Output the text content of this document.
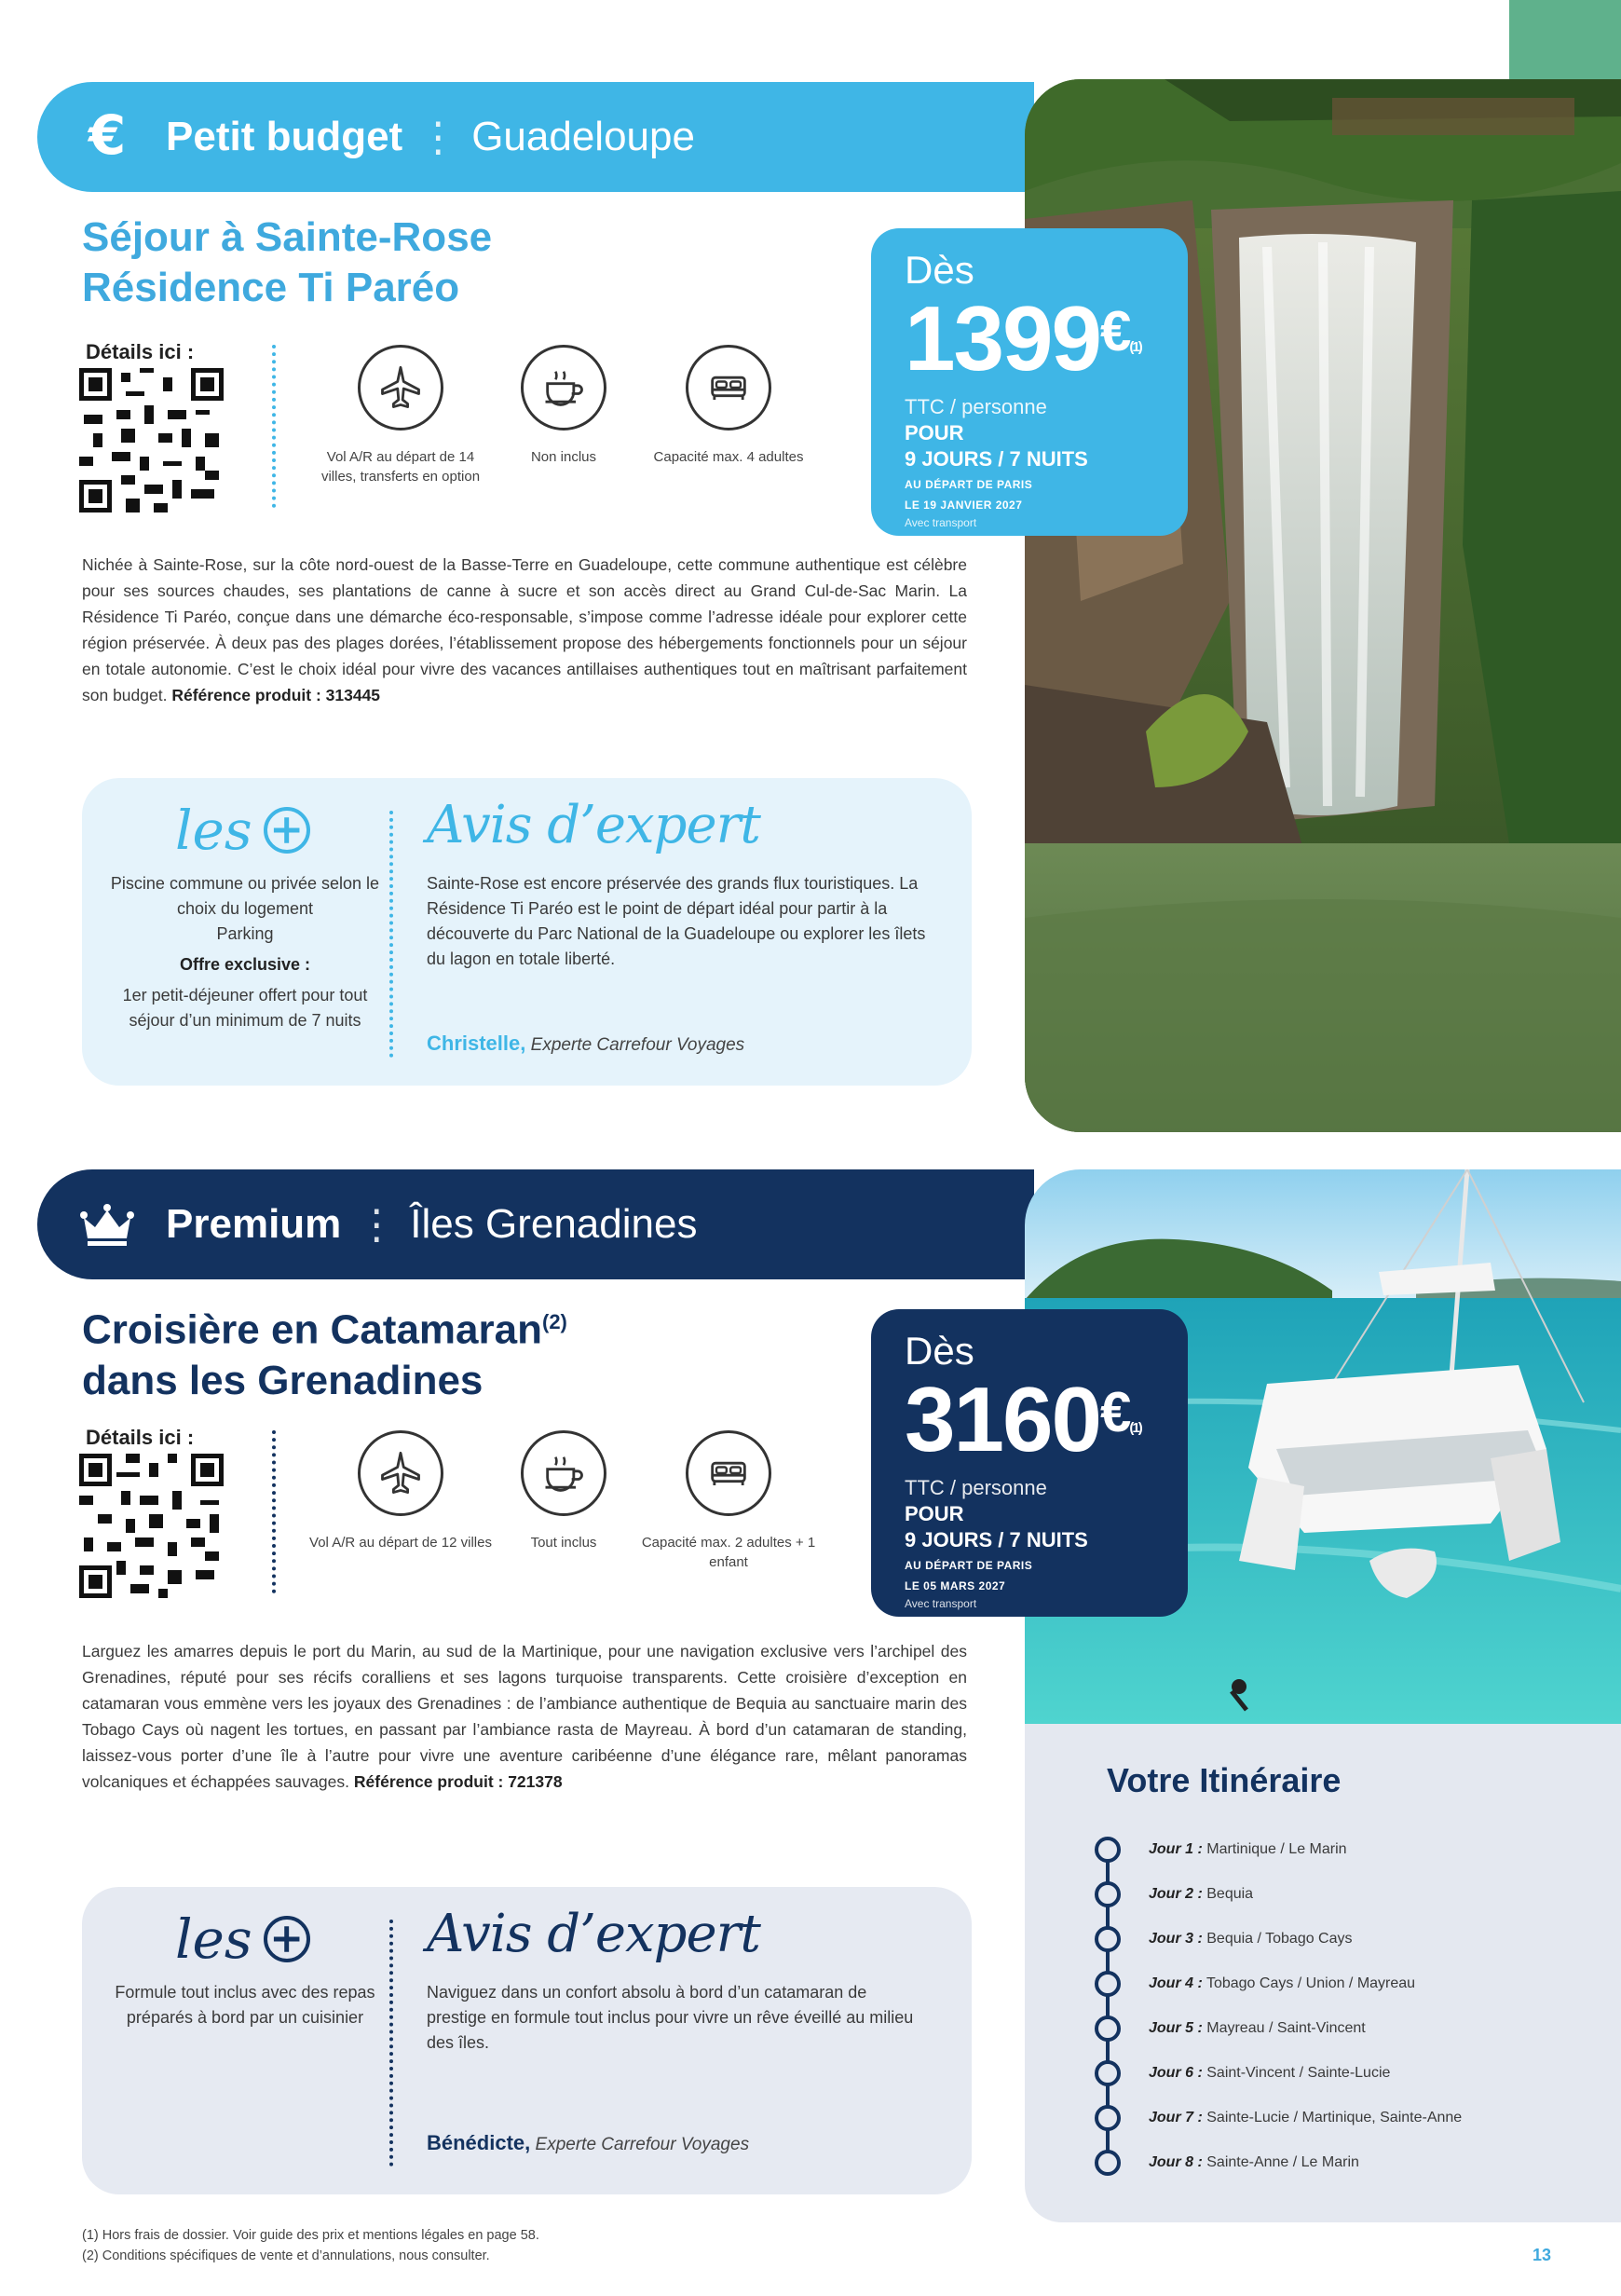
€ Petit budget ⋮ Guadeloupe
Séjour à Sainte-Rose
Résidence Ti Paréo	Dès
1399 € (1)
TTC / personne
POUR
9 JOURS / 7 NUITS
AU DÉPART DE PARIS
LE 19 JANVIER 2027
Avec transport
Détails ici :
Vol A/R au départ de 14 villes, transferts en option
Non inclus	Capacité max. 4 adultes
Nichée à Sainte-Rose, sur la côte nord-ouest de la Basse-Terre en Guadeloupe, cette commune authentique est célèbre pour ses sources chaudes, ses plantations de canne à sucre et son accès direct au Grand Cul-de-Sac Marin. La Résidence Ti Paréo, conçue dans une démarche éco-responsable, s’impose comme l’adresse idéale pour explorer cette région préservée. À deux pas des plages dorées, l’établissement propose des hébergements fonctionnels pour un séjour en totale autonomie. C’est le choix idéal pour vivre des vacances antillaises authentiques tout en maîtrisant parfaitement son budget. Référence produit : 313445
les +
Piscine commune ou privée selon le choix du logement
Parking
Offre exclusive :
1er petit-déjeuner offert pour tout séjour d’un minimum de 7 nuits
Avis d’expert
Sainte-Rose est encore préservée des grands flux touristiques. La Résidence Ti Paréo est le point de départ idéal pour partir à la découverte du Parc National de la Guadeloupe ou explorer les îlets du lagon en totale liberté.
Christelle, Experte Carrefour Voyages
Premium ⋮ Îles Grenadines
Croisière en Catamaran$^{(2)}$
dans les Grenadines
Dès
3160 € (1)
TTC / personne
POUR
9 JOURS / 7 NUITS
AU DÉPART DE PARIS
LE 05 MARS 2027
Avec transport
Détails ici :
Vol A/R au départ de 12 villes	Tout inclus	Capacité max. 2 adultes + 1 enfant
Larguez les amarres depuis le port du Marin, au sud de la Martinique, pour une navigation exclusive vers l’archipel des Grenadines, réputé pour ses récifs coralliens et ses lagons turquoise transparents. Cette croisière d’exception en catamaran vous emmène vers les joyaux des Grenadines : de l’ambiance authentique de Bequia au sanctuaire marin des Tobago Cays où nagent les tortues, en passant par l’ambiance rasta de Mayreau. À bord d’un catamaran de standing, laissez-vous porter d’une île à l’autre pour vivre une aventure caribéenne d’une élégance rare, mêlant panoramas volcaniques et échappées sauvages. Référence produit : 721378
les +
Formule tout inclus avec des repas préparés à bord par un cuisinier
Avis d’expert
Naviguez dans un confort absolu à bord d’un catamaran de prestige en formule tout inclus pour vivre un rêve éveillé au milieu des îles.
Bénédicte, Experte Carrefour Voyages
Votre Itinéraire
Jour 1 : Martinique / Le Marin
Jour 2 : Bequia
Jour 3 : Bequia / Tobago Cays
Jour 4 : Tobago Cays / Union / Mayreau
Jour 5 : Mayreau / Saint-Vincent
Jour 6 : Saint-Vincent / Sainte-Lucie
Jour 7 : Sainte-Lucie / Martinique, Sainte-Anne
Jour 8 : Sainte-Anne / Le Marin
(1) Hors frais de dossier. Voir guide des prix et mentions légales en page 58.
(2) Conditions spécifiques de vente et d’annulations, nous consulter.	13
